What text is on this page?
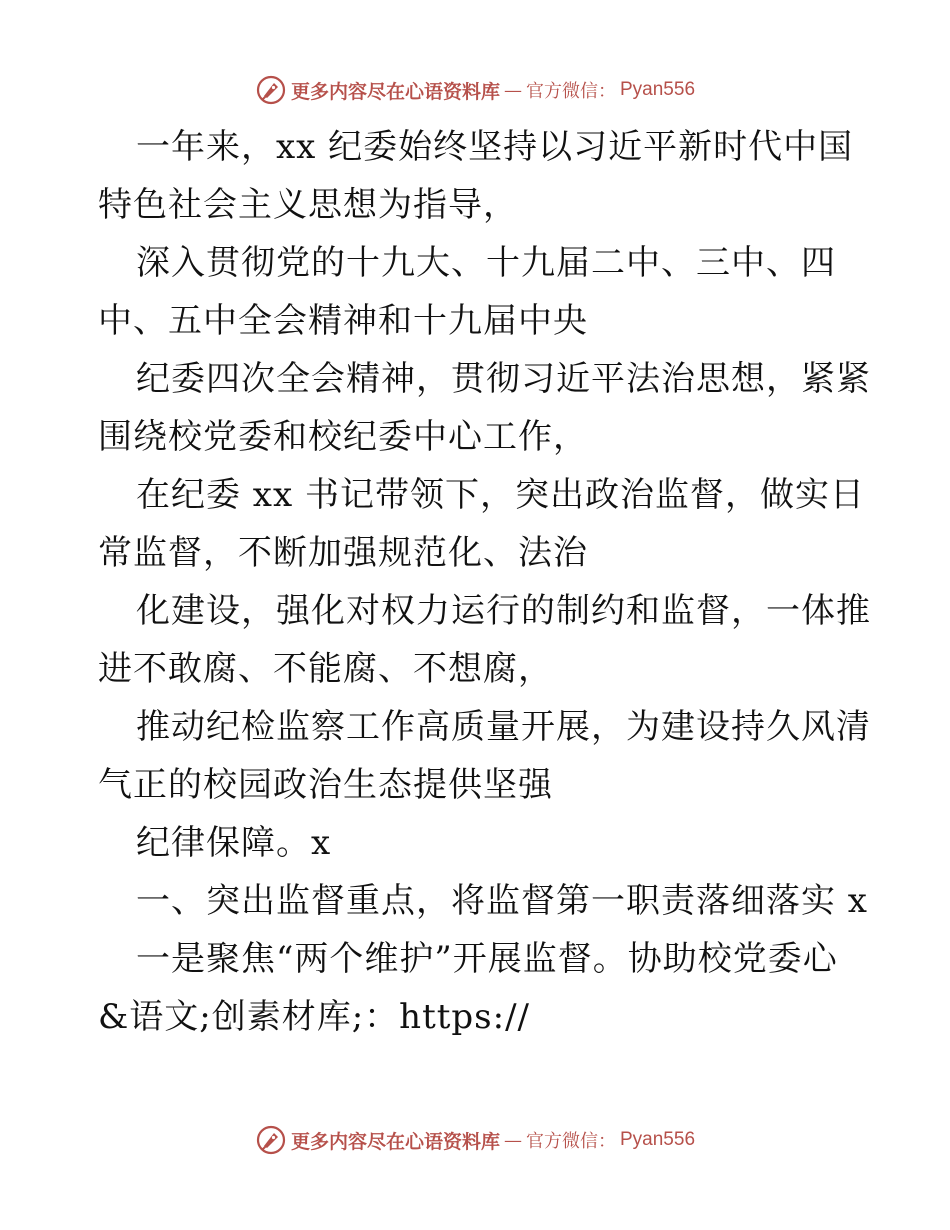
更多内容尽在心语资料库 — 官方微信： Pyan556
一年来，xx 纪委始终坚持以习近平新时代中国
特色社会主义思想为指导，
深入贯彻党的十九大、十九届二中、三中、四
中、五中全会精神和十九届中央
纪委四次全会精神，贯彻习近平法治思想，紧紧
围绕校党委和校纪委中心工作，
在纪委 xx 书记带领下，突出政治监督，做实日
常监督，不断加强规范化、法治
化建设，强化对权力运行的制约和监督，一体推
进不敢腐、不能腐、不想腐，
推动纪检监察工作高质量开展，为建设持久风清
气正的校园政治生态提供坚强
纪律保障。x
一、突出监督重点，将监督第一职责落细落实 x
一是聚焦“两个维护”开展监督。协助校党委心
&语文;创素材库;：https://
更多内容尽在心语资料库 — 官方微信： Pyan556
